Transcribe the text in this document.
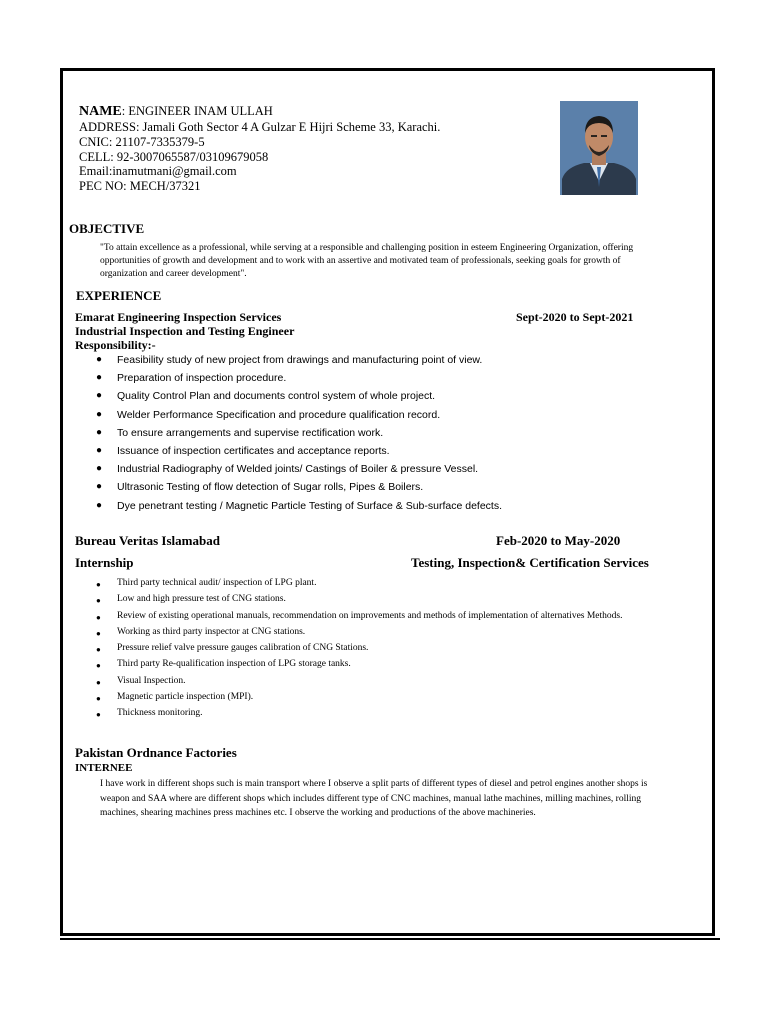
NAME: ENGINEER INAM ULLAH
ADDRESS: Jamali Goth Sector 4 A Gulzar E Hijri Scheme 33, Karachi.
CNIC: 21107-7335379-5
CELL: 92-3007065587/03109679058
Email:inamutmani@gmail.com
PEC NO: MECH/37321
OBJECTIVE
"To attain excellence as a professional, while serving at a responsible and challenging position in esteem Engineering Organization, offering opportunities of growth and development and to work with an assertive and motivated team of professionals, seeking goals for growth of organization and career development".
EXPERIENCE
Emarat Engineering Inspection Services	Sept-2020 to Sept-2021
Industrial Inspection and Testing Engineer
Responsibility:-
● Feasibility study of new project from drawings and manufacturing point of view.
● Preparation of inspection procedure.
● Quality Control Plan and documents control system of whole project.
● Welder Performance Specification and procedure qualification record.
● To ensure arrangements and supervise rectification work.
● Issuance of inspection certificates and acceptance reports.
● Industrial Radiography of Welded joints/ Castings of Boiler & pressure Vessel.
● Ultrasonic Testing of flow detection of Sugar rolls, Pipes & Boilers.
● Dye penetrant testing / Magnetic Particle Testing of Surface & Sub-surface defects.
Bureau Veritas Islamabad	Feb-2020 to May-2020
Internship	Testing, Inspection& Certification Services
● Third party technical audit/ inspection of LPG plant.
● Low and high pressure test of CNG stations.
● Review of existing operational manuals, recommendation on improvements and methods of implementation of alternatives Methods.
● Working as third party inspector at CNG stations.
● Pressure relief valve pressure gauges calibration of CNG Stations.
● Third party Re-qualification inspection of LPG storage tanks.
● Visual Inspection.
● Magnetic particle inspection (MPI).
● Thickness monitoring.
Pakistan Ordnance Factories
INTERNEE
I have work in different shops such is main transport where I observe a split parts of different types of diesel and petrol engines another shops is weapon and SAA where are different shops which includes different type of CNC machines, manual lathe machines, milling machines, rolling machines, shearing machines press machines etc. I observe the working and productions of the above machineries.
